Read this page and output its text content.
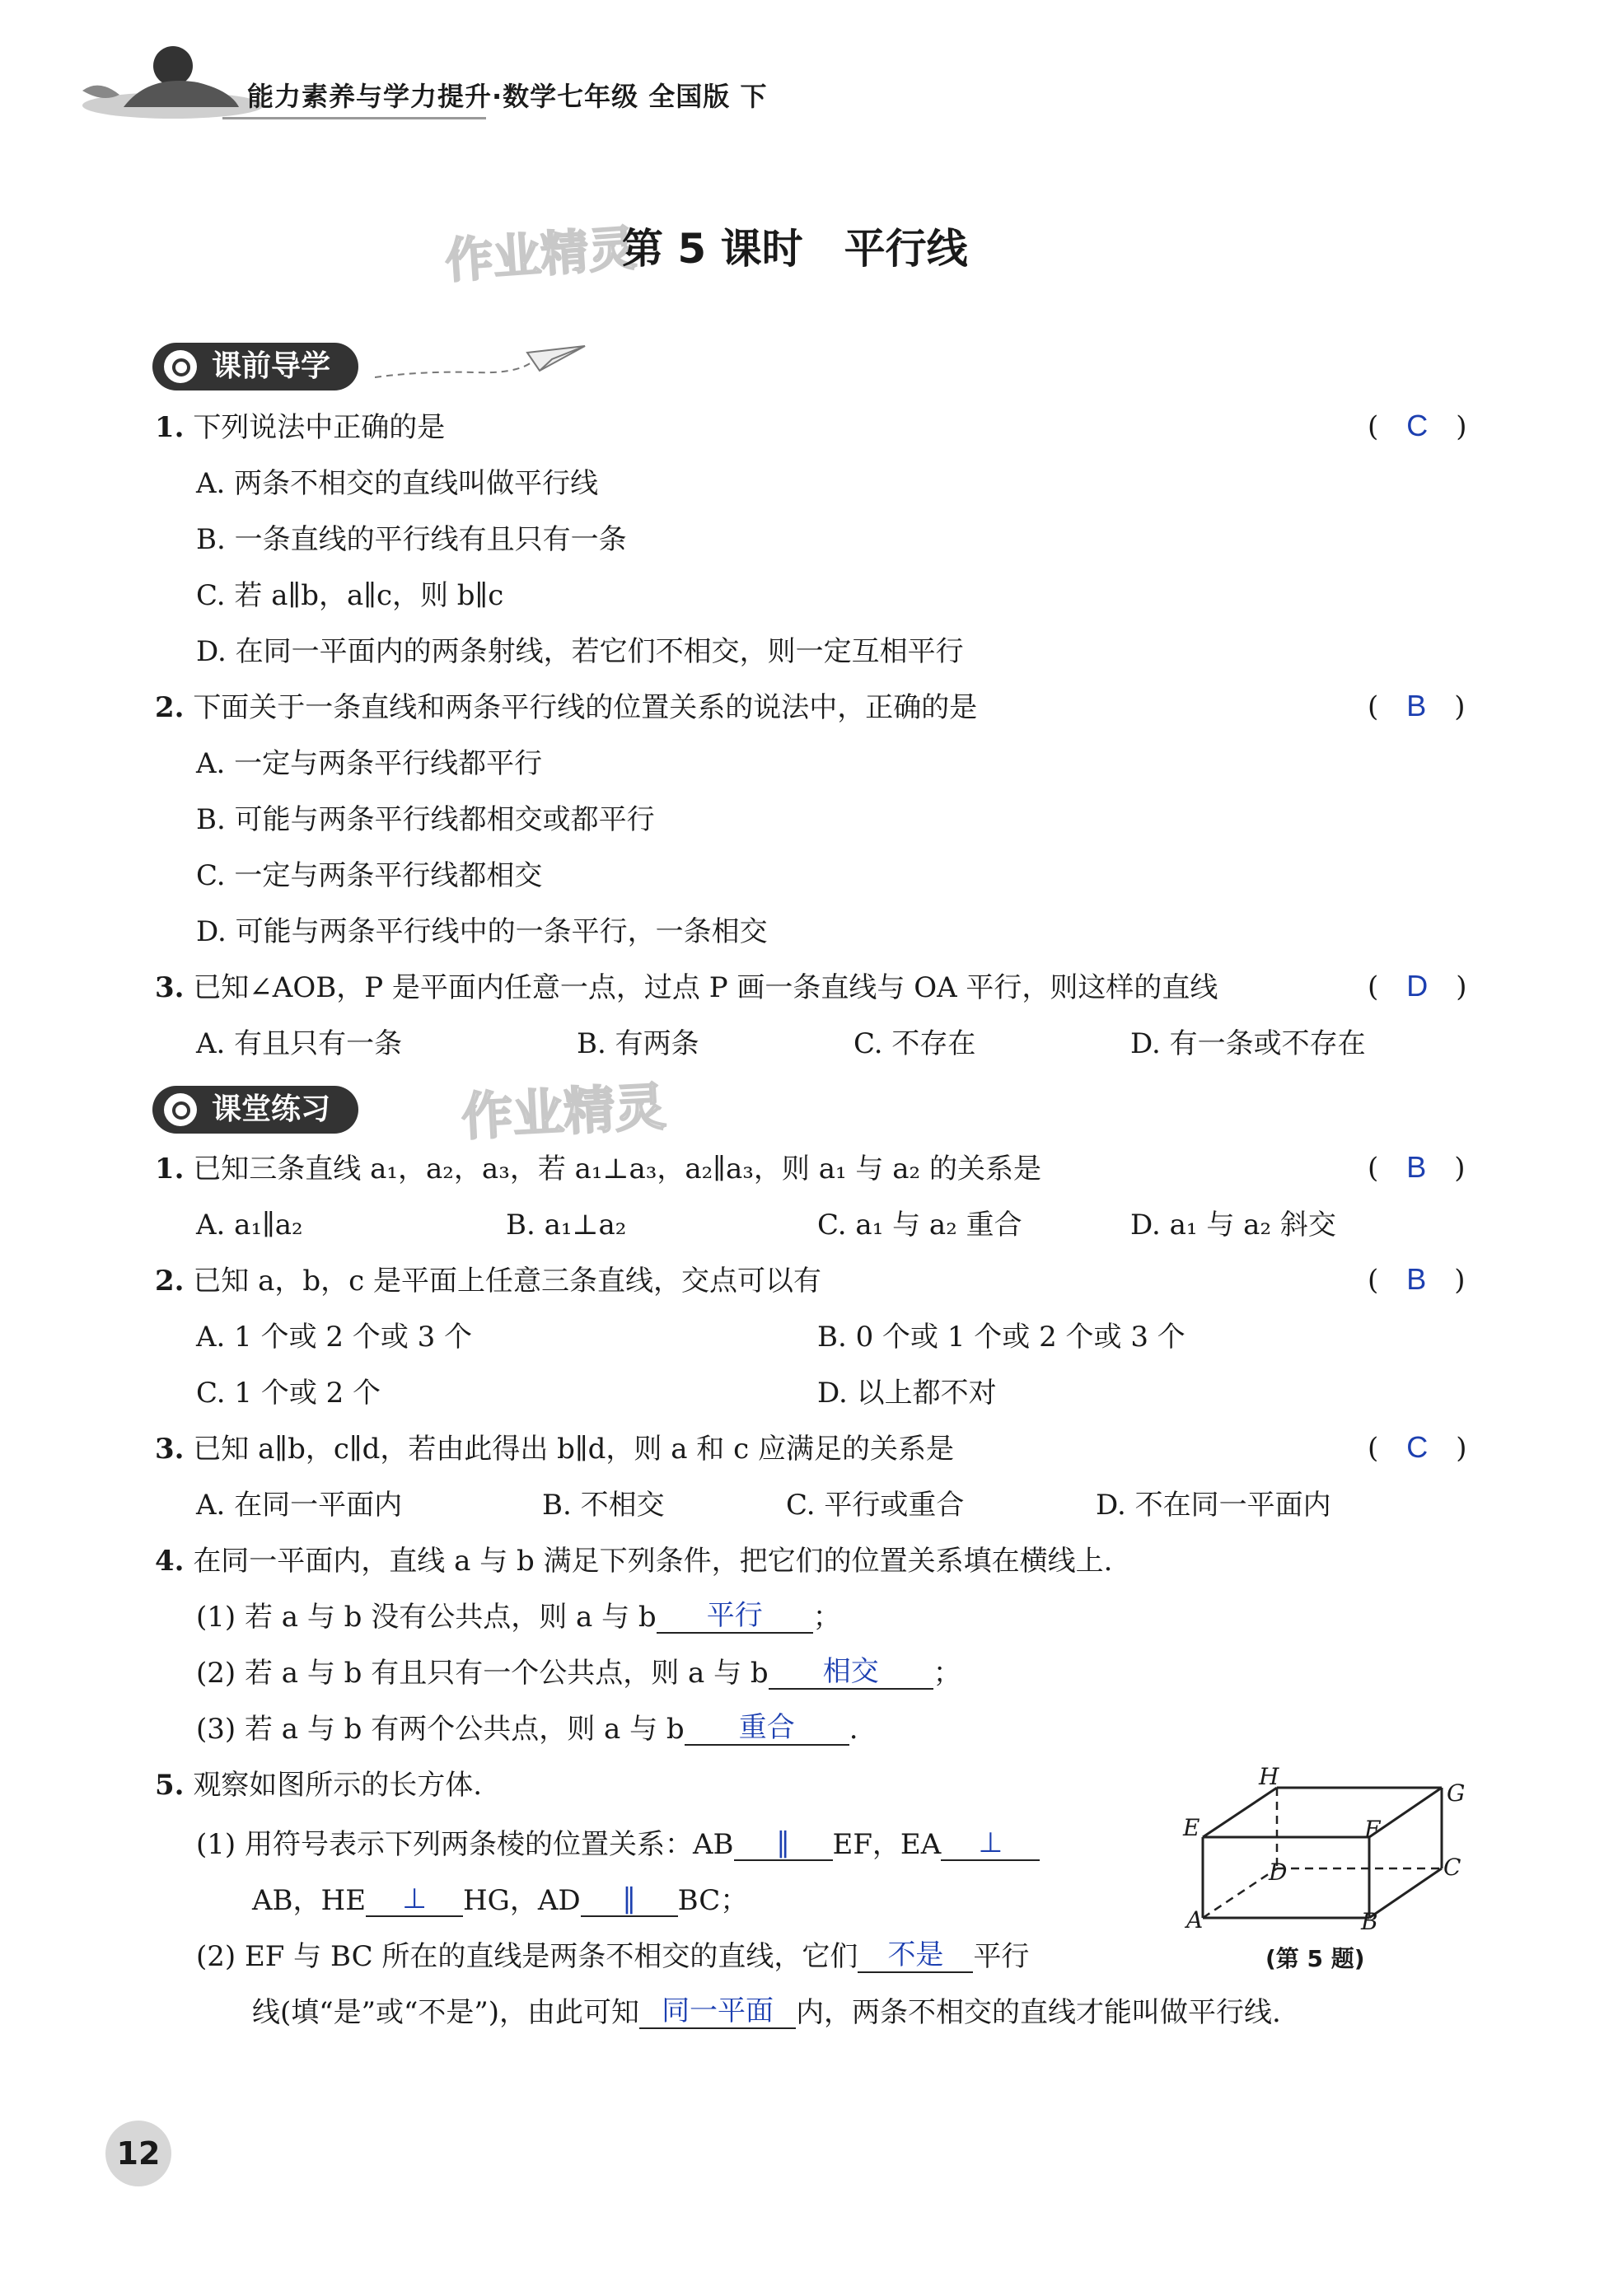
能力素养与学力提升·数学七年级 全国版 下
作业精灵
第 5 课时　平行线
课前导学
1. 下列说法中正确的是	(　C　)
A. 两条不相交的直线叫做平行线
B. 一条直线的平行线有且只有一条
C. 若 a∥b，a∥c，则 b∥c
D. 在同一平面内的两条射线，若它们不相交，则一定互相平行
2. 下面关于一条直线和两条平行线的位置关系的说法中，正确的是	(　B　)
A. 一定与两条平行线都平行
B. 可能与两条平行线都相交或都平行
C. 一定与两条平行线都相交
D. 可能与两条平行线中的一条平行，一条相交
3. 已知∠AOB，P 是平面内任意一点，过点 P 画一条直线与 OA 平行，则这样的直线	(　D　)
A. 有且只有一条	B. 有两条	C. 不存在	D. 有一条或不存在
课堂练习	作业精灵
1. 已知三条直线 a₁，a₂，a₃，若 a₁⊥a₃，a₂∥a₃，则 a₁ 与 a₂ 的关系是	(　B　)
A. a₁∥a₂	B. a₁⊥a₂	C. a₁ 与 a₂ 重合	D. a₁ 与 a₂ 斜交
2. 已知 a，b，c 是平面上任意三条直线，交点可以有	(　B　)
A. 1 个或 2 个或 3 个	B. 0 个或 1 个或 2 个或 3 个
C. 1 个或 2 个	D. 以上都不对
3. 已知 a∥b，c∥d，若由此得出 b∥d，则 a 和 c 应满足的关系是	(　C　)
A. 在同一平面内	B. 不相交	C. 平行或重合	D. 不在同一平面内
4. 在同一平面内，直线 a 与 b 满足下列条件，把它们的位置关系填在横线上.
(1) 若 a 与 b 没有公共点，则 a 与 b 平行 ；
(2) 若 a 与 b 有且只有一个公共点，则 a 与 b 相交 ；
(3) 若 a 与 b 有两个公共点，则 a 与 b 重合 .
5. 观察如图所示的长方体.
(1) 用符号表示下列两条棱的位置关系：AB ∥ EF，EA ⊥
AB，HE ⊥ HG，AD ∥ BC；
(2) EF 与 BC 所在的直线是两条不相交的直线，它们 不是 平行
线(填“是”或“不是”)，由此可知 同一平面 内，两条不相交的直线才能叫做平行线.
H
G
E	F
D	C
A	B
(第 5 题)
12
